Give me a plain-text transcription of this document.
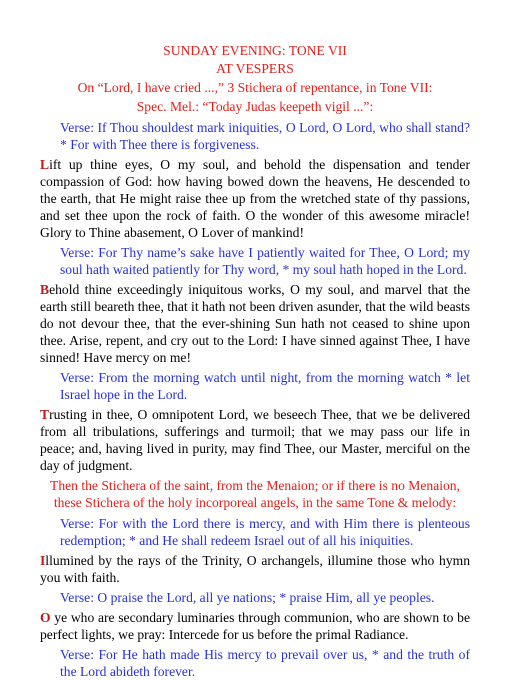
SUNDAY EVENING: TONE VII
AT VESPERS
On “Lord, I have cried ...,” 3 Stichera of repentance, in Tone VII:
Spec. Mel.: “Today Judas keepeth vigil ...”:
Verse: If Thou shouldest mark iniquities, O Lord, O Lord, who shall stand? * For with Thee there is forgiveness.
Lift up thine eyes, O my soul, and behold the dispensation and tender compassion of God: how having bowed down the heavens, He descended to the earth, that He might raise thee up from the wretched state of thy passions, and set thee upon the rock of faith. O the wonder of this awesome miracle! Glory to Thine abasement, O Lover of mankind!
Verse: For Thy name’s sake have I patiently waited for Thee, O Lord; my soul hath waited patiently for Thy word, * my soul hath hoped in the Lord.
Behold thine exceedingly iniquitous works, O my soul, and marvel that the earth still beareth thee, that it hath not been driven asunder, that the wild beasts do not devour thee, that the ever-shining Sun hath not ceased to shine upon thee. Arise, repent, and cry out to the Lord: I have sinned against Thee, I have sinned! Have mercy on me!
Verse: From the morning watch until night, from the morning watch * let Israel hope in the Lord.
Trusting in thee, O omnipotent Lord, we beseech Thee, that we be delivered from all tribulations, sufferings and turmoil; that we may pass our life in peace; and, having lived in purity, may find Thee, our Master, merciful on the day of judgment.
Then the Stichera of the saint, from the Menaion; or if there is no Menaion, these Stichera of the holy incorporeal angels, in the same Tone & melody:
Verse: For with the Lord there is mercy, and with Him there is plenteous redemption; * and He shall redeem Israel out of all his iniquities.
Illumined by the rays of the Trinity, O archangels, illumine those who hymn you with faith.
Verse: O praise the Lord, all ye nations; * praise Him, all ye peoples.
O ye who are secondary luminaries through communion, who are shown to be perfect lights, we pray: Intercede for us before the primal Radiance.
Verse: For He hath made His mercy to prevail over us, * and the truth of the Lord abideth forever.
